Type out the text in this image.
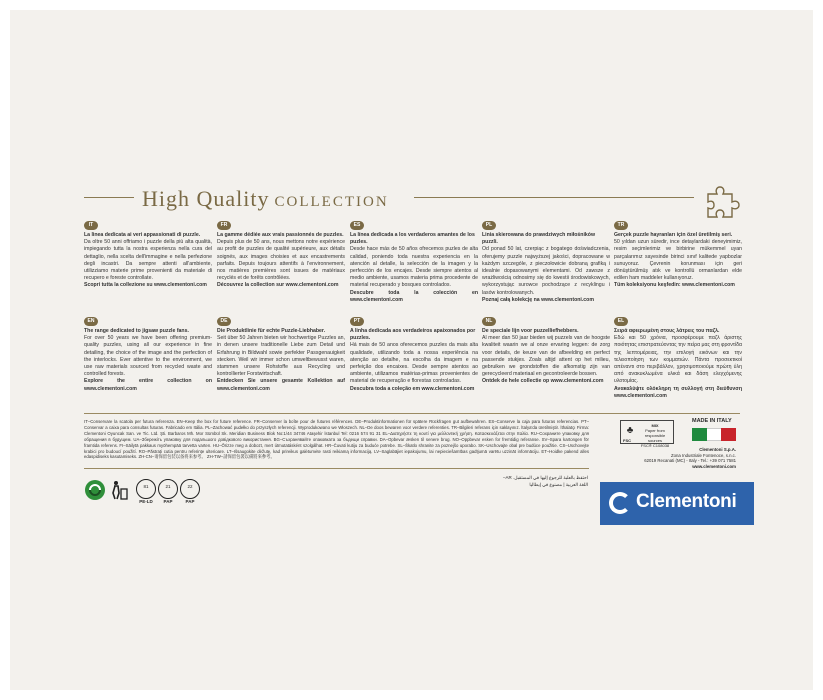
High Quality COLLECTION
IT
La linea dedicata ai veri appassionati di puzzle.
Da oltre 50 anni offriamo i puzzle della più alta qualità, impiegando tutta la nostra esperienza nella cura del dettaglio, nella scelta dell'immagine e nella perfezione degli incastri. Da sempre attenti all'ambiente, utilizziamo materie prime provenienti da materiale di recupero e foreste controllate.
Scopri tutta la collezione su www.clementoni.com
FR
La gamme dédiée aux vrais passionnés de puzzles.
Depuis plus de 50 ans, nous mettons notre expérience au profit de puzzles de qualité supérieure, aux détails soignés, aux images choisies et aux encastrements parfaits. Depuis toujours attentifs à l'environnement, nos matières premières sont issues de matériaux recyclés et de forêts contrôlées.
Découvrez la collection sur www.clementoni.com
ES
La línea dedicada a los verdaderos amantes de los puzles.
Desde hace más de 50 años ofrecemos puzles de alta calidad, poniendo toda nuestra experiencia en la atención al detalle, la selección de la imagen y la perfección de los encajes. Desde siempre atentos al medio ambiente, usamos materia prima procedente de material recuperado y bosques controlados.
Descubre toda la colección en www.clementoni.com
PL
Linia skierowana do prawdziwych miłośników puzzli.
Od ponad 50 lat, czerpiąc z bogatego doświadczenia, oferujemy puzzle najwyższej jakości, dopracowane w każdym szczególe, z pieczołowicie dobraną grafiką i idealnie dopasowanymi elementami. Od zawsze z wrażliwością odnosimy się do kwestii środowiskowych, wykorzystując surowce pochodzące z recyklingu i lasów kontrolowanych.
Poznaj całą kolekcję na www.clementoni.com
TR
Gerçek puzzle hayranları için özel üretilmiş seri.
50 yıldan uzun süredir, ince detaylardaki deneyimimiz, resim seçimlerimiz ve birbirine mükemmel uyan parçalarımız sayesinde birinci sınıf kalitede yapbozlar sunuyoruz. Çevrenin korunması için geri dönüştürülmüş atık ve kontrollü ormanlardan elde edilen ham maddeler kullanıyoruz.
Tüm koleksiyonu keşfedin: www.clementoni.com
EN
The range dedicated to jigsaw puzzle fans.
For over 50 years we have been offering premium-quality puzzles, using all our experience in fine detailing, the choice of the image and the perfection of the interlocks. Ever attentive to the environment, we use raw materials sourced from recycled waste and controlled forests.
Explore the entire collection on www.clementoni.com
DE
Die Produktlinie für echte Puzzle-Liebhaber.
Seit über 50 Jahren bieten wir hochwertige Puzzles an, in denen unsere traditionelle Liebe zum Detail und Erfahrung in Bildwahl sowie perfekter Passgenauigkeit stecken. Weil wir immer schon umweltbewusst waren, stammen unsere Rohstoffe aus Recycling und kontrollierter Forstwirtschaft.
Entdecken Sie unsere gesamte Kollektion auf www.clementoni.com
PT
A linha dedicada aos verdadeiros apaixonados por puzzles.
Há mais de 50 anos oferecemos puzzles da mais alta qualidade, utilizando toda a nossa experiência na atenção ao detalhe, na escolha da imagem e na perfeição dos encaixes. Desde sempre atentos ao ambiente, utilizamos matérias-primas provenientes de material de recuperação e florestas controladas.
Descubra toda a coleção em www.clementoni.com
NL
De speciale lijn voor puzzelliefhebbers.
Al meer dan 50 jaar bieden wij puzzels van de hoogste kwaliteit waarin we al onze ervaring leggen: de zorg voor details, de keuze van de afbeelding en perfect passende stukjes. Zoals altijd attent op het milieu, gebruiken we grondstoffen die afkomstig zijn van gerecycleerd materiaal en gecontroleerde bossen.
Ontdek de hele collectie op www.clementoni.com
EL
Σειρά αφιερωμένη στους λάτρεις του παζλ.
Εδώ και 50 χρόνια, προσφέρουμε παζλ άριστης ποιότητας επιστρατεύοντας την πείρα μας στη φροντίδα της λεπτομέρειας, την επιλογή εικόνων και την τελειοποίηση των κομματιών. Πάντα προσεκτικοί απέναντι στο περιβάλλον, χρησιμοποιούμε πρώτη ύλη από ανακυκλωμένα υλικά και δάση ελεγχόμενης υλοτομίας.
Ανακαλύψτε ολόκληρη τη συλλογή στη διεύθυνση www.clementoni.com
IT–Conservare la scatola per futura referenza. EN–Keep the box for future reference. FR–Conserver la boîte pour de futures références. DE–Produktinformationen für spätere Rückfragen gut aufbewahren. ES–Conserve la caja para futuras referencias. PT–Conservar a caixa para consultas futuras. Fabricado em Itália. PL–Zachować pudełko do przyszłych referencji. Wyprodukowano we Włoszech. NL–De doos bewaren voor verdere referenties. TR–Bilgileri referans için saklayınız. İtalya'da üretilmiştir. İthalatçı Firma: Clementoni Oyuncak San. ve Tic. Ltd. Şti. Barbaros Mh. Mor Sümbül Sk. Meridian Business Blok No:1/44 34746 Ataşehir İstanbul Tel: 0216 574 91 31 EL–Διατηρήστε τη κουτί για μελλοντική χρήση. Κατασκευάζεται στην Ιταλία. RU–Сохраните упаковку для обращения в будущем. UA–Збережіть упаковку для подальшого довідкового використання. BG–Съхранявайте опаковката за бъдещи справки. DA–Opbevar æsken til senere brug. NO–Oppbevar esken for fremtidig referanse. SV–Spara kartongen för framtida referens. FI–Säilytä pakkaus myöhempää tarvetta varten. HU–Őrizze meg a dobozt, mert útmutatásként szolgálhat. HR–Čuvati kutiju za buduće potrebe. SL–Škatlo shranite za poznejšo uporabo. SK–Uschovajte obal pre budúce použitie. CS–Uschovejte krabici pro budoucí použití. RO–Păstrați cutia pentru referințe ulterioare. LT–Išsaugokite dėžutę, kad prireikus galėtumėte rasti reikiamą informaciją. LV–Saglabājiet iepakojumu, lai nepieciešamības gadījumā varētu uzzināt informāciju. ET–Hoidke pakend alles edaspidiseks kasutamiseks. ZH-CN–请保留包装以备将来参考。 ZH-TW–請保留包裝以備將來參考。
♣	MIX
Paper from responsible sources
FSC® C108038
FSC
MADE IN ITALY
Clementoni S.p.A.
Zona Industriale Fontenoce, s.n.c.
62019 Recanati (MC) - Italy - Tel.: +39 071 7581
www.clementoni.com
81
PE-LD
21
PAP
22
PAP
احتفظ بالعلبة للرجوع إليها في المستقبل. AR–
اللغة العربية | مصنوع في إيطاليا
Clementoni
